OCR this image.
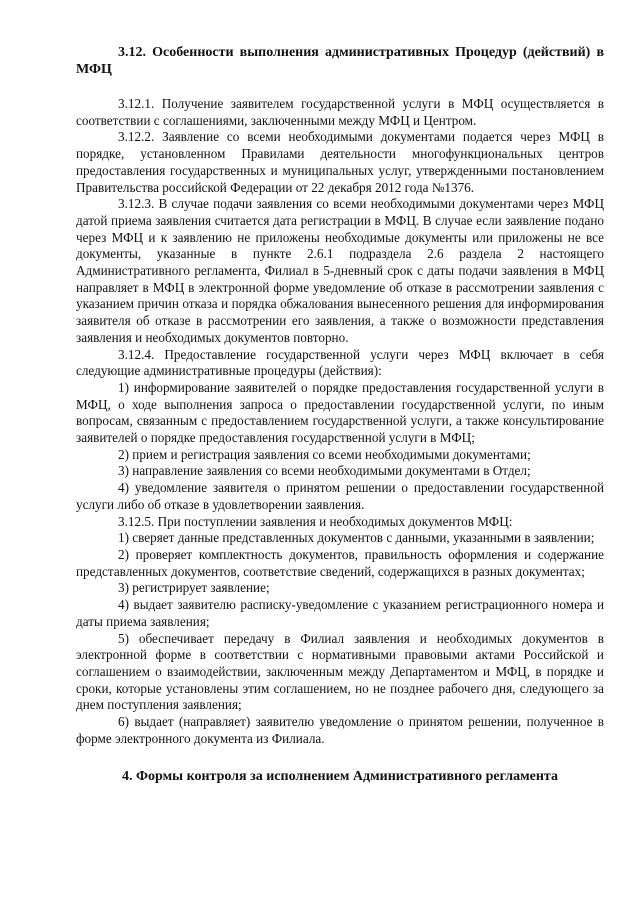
3.12. Особенности выполнения административных Процедур (действий) в МФЦ

3.12.1. Получение заявителем государственной услуги в МФЦ осуществляется в соответствии с соглашениями, заключенными между МФЦ и Центром.

3.12.2. Заявление со всеми необходимыми документами подается через МФЦ в порядке, установленном Правилами деятельности многофункциональных центров предоставления государственных и муниципальных услуг, утвержденными постановлением Правительства российской Федерации от 22 декабря 2012 года №1376.

3.12.3. В случае подачи заявления со всеми необходимыми документами через МФЦ датой приема заявления считается дата регистрации в МФЦ. В случае если заявление подано через МФЦ и к заявлению не приложены необходимые документы или приложены не все документы, указанные в пункте 2.6.1 подраздела 2.6 раздела 2 настоящего Административного регламента, Филиал в 5-дневный срок с даты подачи заявления в МФЦ направляет в МФЦ в электронной форме уведомление об отказе в рассмотрении заявления с указанием причин отказа и порядка обжалования вынесенного решения для информирования заявителя об отказе в рассмотрении его заявления, а также о возможности представления заявления и необходимых документов повторно.

3.12.4. Предоставление государственной услуги через МФЦ включает в себя следующие административные процедуры (действия):

1) информирование заявителей о порядке предоставления государственной услуги в МФЦ, о ходе выполнения запроса о предоставлении государственной услуги, по иным вопросам, связанным с предоставлением государственной услуги, а также консультирование заявителей о порядке предоставления государственной услуги в МФЦ;

2) прием и регистрация заявления со всеми необходимыми документами;

3) направление заявления со всеми необходимыми документами в Отдел;

4) уведомление заявителя о принятом решении о предоставлении государственной услуги либо об отказе в удовлетворении заявления.

3.12.5. При поступлении заявления и необходимых документов МФЦ:

1) сверяет данные представленных документов с данными, указанными в заявлении;

2) проверяет комплектность документов, правильность оформления и содержание представленных документов, соответствие сведений, содержащихся в разных документах;

3) регистрирует заявление;

4) выдает заявителю расписку-уведомление с указанием регистрационного номера и даты приема заявления;

5) обеспечивает передачу в Филиал заявления и необходимых документов в электронной форме в соответствии с нормативными правовыми актами Российской и соглашением о взаимодействии, заключенным между Департаментом и МФЦ, в порядке и сроки, которые установлены этим соглашением, но не позднее рабочего дня, следующего за днем поступления заявления;

6) выдает (направляет) заявителю уведомление о принятом решении, полученное в форме электронного документа из Филиала.

4. Формы контроля за исполнением Административного регламента
